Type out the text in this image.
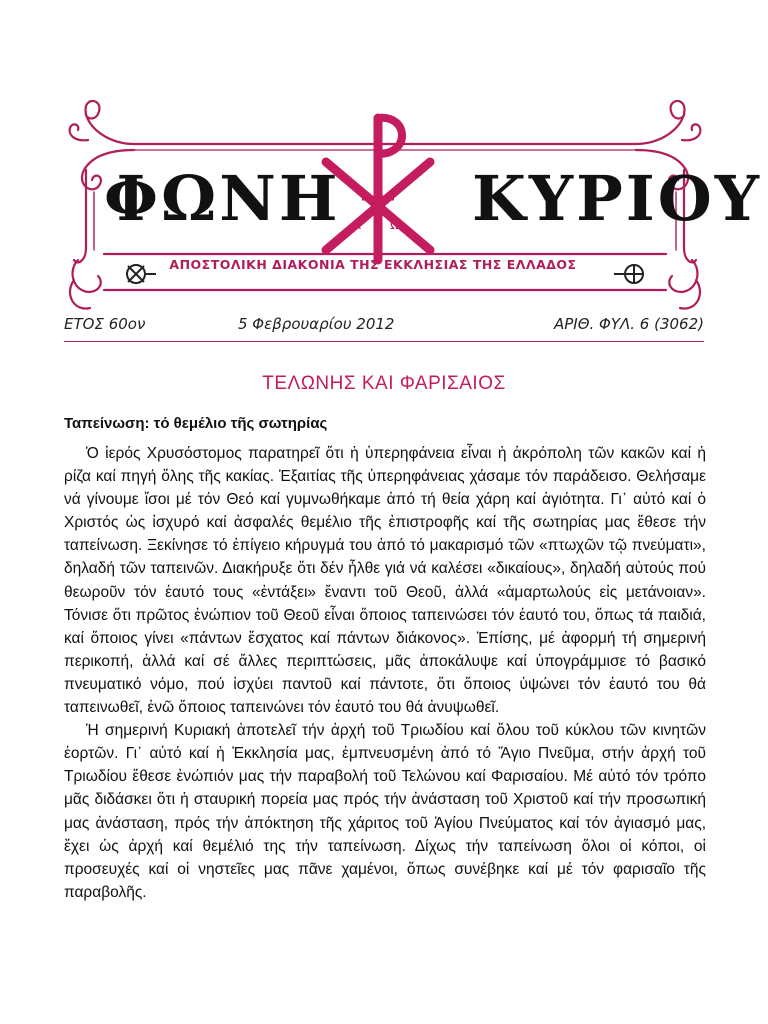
ΦΩΝΗ ΚΥΡΙΟΥ
Α Ω
ΑΠΟΣΤΟΛΙΚΗ ΔΙΑΚΟΝΙΑ ΤΗΣ ΕΚΚΛΗΣΙΑΣ ΤΗΣ ΕΛΛΑΔΟΣ
ΕΤΟΣ 60ον	5 Φεβρουαρίου 2012	ΑΡΙΘ. ΦΥΛ. 6 (3062)
ΤΕΛΩΝΗΣ ΚΑΙ ΦΑΡΙΣΑΙΟΣ
Ταπείνωση: τό θεμέλιο τῆς σωτηρίας

Ὁ ἱερός Χρυσόστομος παρατηρεῖ ὅτι ἡ ὑπερηφάνεια εἶναι ἡ ἀκρόπολη τῶν κακῶν καί ἡ ρίζα καί πηγή ὅλης τῆς κακίας. Ἐξαιτίας τῆς ὑπερηφάνειας χάσαμε τόν παράδεισο. Θελήσαμε νά γίνουμε ἴσοι μέ τόν Θεό καί γυμνωθήκαμε ἀπό τή θεία χάρη καί ἁγιότητα. Γι᾽ αὐτό καί ὁ Χριστός ὡς ἰσχυρό καί ἀσφαλές θεμέλιο τῆς ἐπιστροφῆς καί τῆς σωτηρίας μας ἔθεσε τήν ταπείνωση. Ξεκίνησε τό ἐπίγειο κήρυγμά του ἀπό τό μακαρισμό τῶν «πτωχῶν τῷ πνεύματι», δηλαδή τῶν ταπεινῶν. Διακήρυξε ὅτι δέν ἦλθε γιά νά καλέσει «δικαίους», δηλαδή αὐτούς πού θεωροῦν τόν ἑαυτό τους «ἐντάξει» ἔναντι τοῦ Θεοῦ, ἀλλά «ἁμαρτωλούς εἰς μετάνοιαν». Τόνισε ὅτι πρῶτος ἐνώπιον τοῦ Θεοῦ εἶναι ὅποιος ταπεινώσει τόν ἑαυτό του, ὅπως τά παιδιά, καί ὅποιος γίνει «πάντων ἔσχατος καί πάντων διάκονος». Ἐπίσης, μέ ἀφορμή τή σημερινή περικοπή, ἀλλά καί σέ ἄλλες περιπτώσεις, μᾶς ἀποκάλυψε καί ὑπογράμμισε τό βασικό πνευματικό νόμο, πού ἰσχύει παντοῦ καί πάντοτε, ὅτι ὅποιος ὑψώνει τόν ἑαυτό του θά ταπεινωθεῖ, ἐνῶ ὅποιος ταπεινώνει τόν ἑαυτό του θά ἀνυψωθεῖ.

Ἡ σημερινή Κυριακή ἀποτελεῖ τήν ἀρχή τοῦ Τριωδίου καί ὅλου τοῦ κύκλου τῶν κινητῶν ἑορτῶν. Γι᾽ αὐτό καί ἡ Ἐκκλησία μας, ἐμπνευσμένη ἀπό τό Ἅγιο Πνεῦμα, στήν ἀρχή τοῦ Τριωδίου ἔθεσε ἐνώπιόν μας τήν παραβολή τοῦ Τελώνου καί Φαρισαίου. Μέ αὐτό τόν τρόπο μᾶς διδάσκει ὅτι ἡ σταυρική πορεία μας πρός τήν ἀνάσταση τοῦ Χριστοῦ καί τήν προσωπική μας ἀνάσταση, πρός τήν ἀπόκτηση τῆς χάριτος τοῦ Ἁγίου Πνεύματος καί τόν ἁγιασμό μας, ἔχει ὡς ἀρχή καί θεμέλιό της τήν ταπείνωση. Δίχως τήν ταπείνωση ὅλοι οἱ κόποι, οἱ προσευχές καί οἱ νηστεῖες μας πᾶνε χαμένοι, ὅπως συνέβηκε καί μέ τόν φαρισαῖο τῆς παραβολῆς.
